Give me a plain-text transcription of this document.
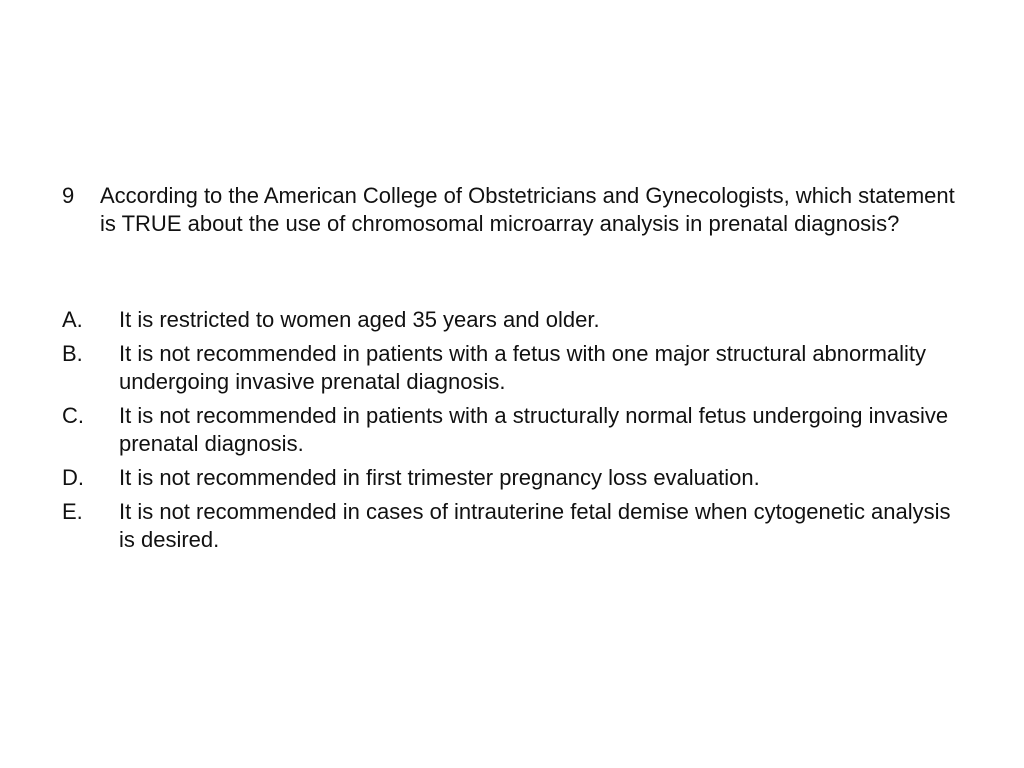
9	According to the American College of Obstetricians and Gynecologists, which statement is TRUE about the use of chromosomal microarray analysis in prenatal diagnosis?
A.	It is restricted to women aged 35 years and older.
B.	It is not recommended in patients with a fetus with one major structural abnormality undergoing invasive prenatal diagnosis.
C.	It is not recommended in patients with a structurally normal fetus undergoing invasive prenatal diagnosis.
D.	It is not recommended in first trimester pregnancy loss evaluation.
E.	It is not recommended in cases of intrauterine fetal demise when cytogenetic analysis is desired.
